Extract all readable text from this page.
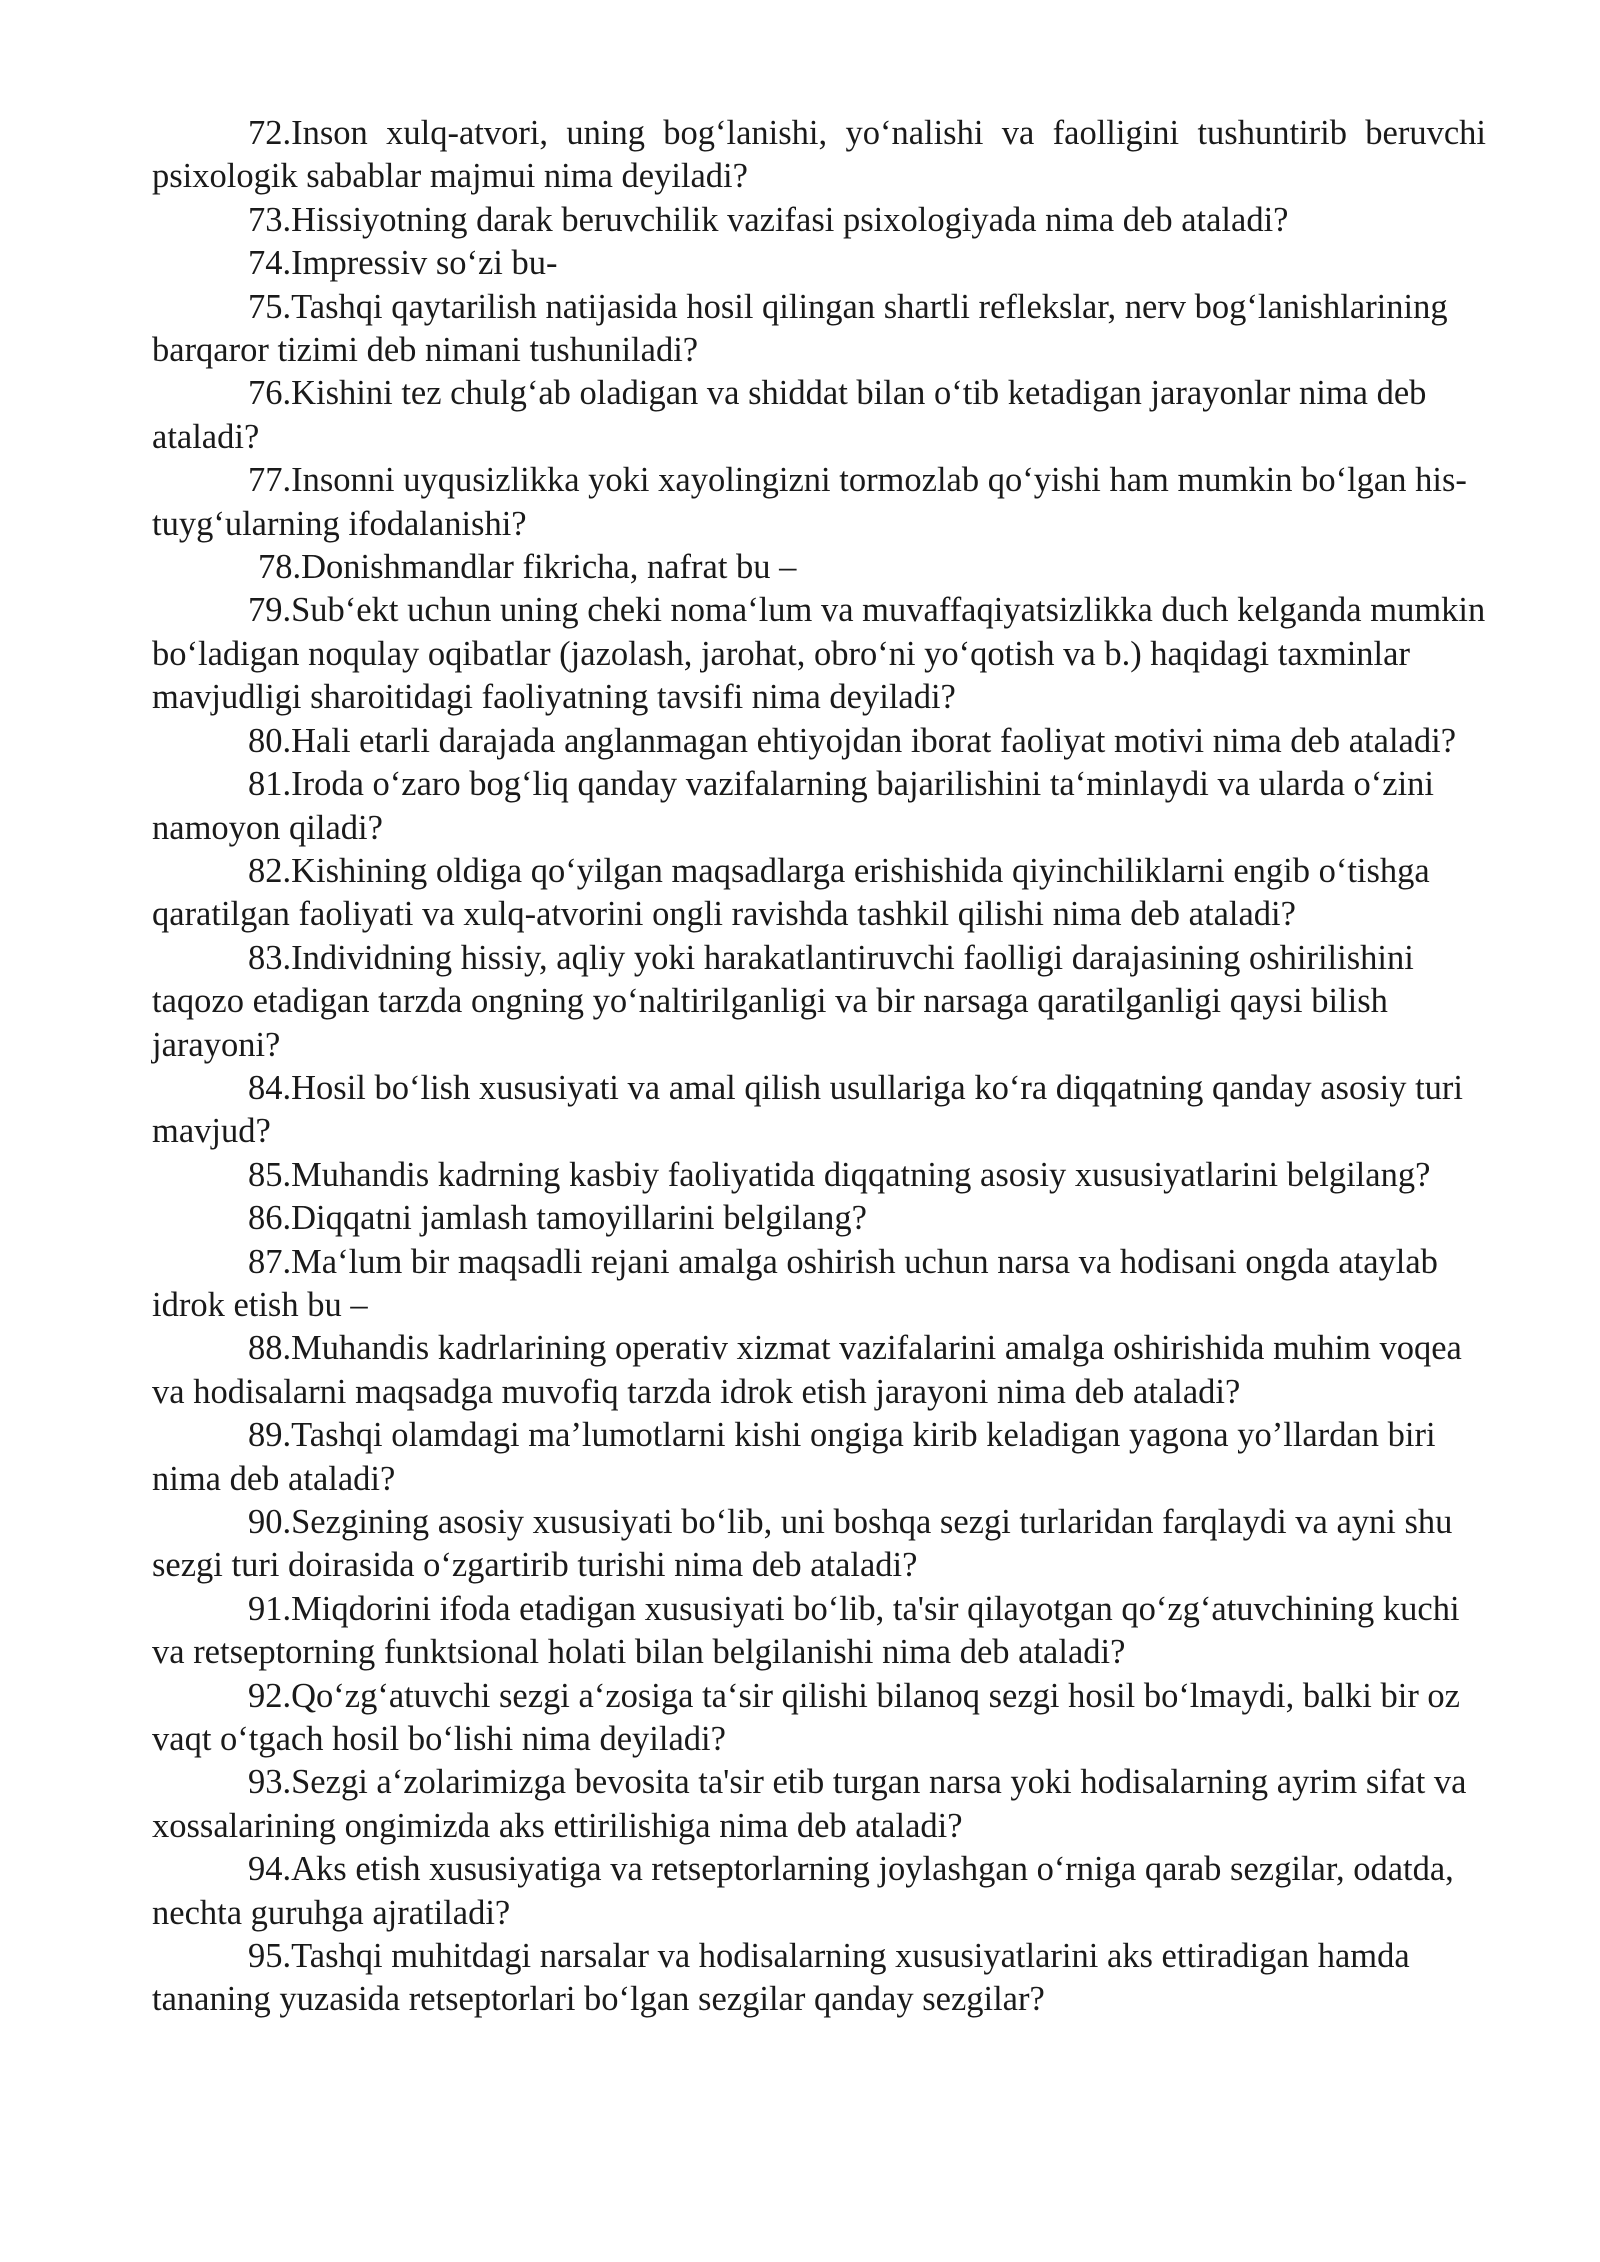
72.Inson xulq-atvori, uning bog‘lanishi, yo‘nalishi va faolligini tushuntirib beruvchi psixologik sabablar majmui nima deyiladi?

73.Hissiyotning darak beruvchilik vazifasi psixologiyada nima deb ataladi?

74.Impressiv so‘zi bu-

75.Tashqi qaytarilish natijasida hosil qilingan shartli reflekslar, nerv bog‘lanishlarining barqaror tizimi deb nimani tushuniladi?

76.Kishini tez chulg‘ab oladigan va shiddat bilan o‘tib ketadigan jarayonlar nima deb ataladi?

77.Insonni uyqusizlikka yoki xayolingizni tormozlab qo‘yishi ham mumkin bo‘lgan his-tuyg‘ularning ifodalanishi?

78.Donishmandlar fikricha, nafrat bu –

79.Sub‘ekt uchun uning cheki noma‘lum va muvaffaqiyatsizlikka duch kelganda mumkin bo‘ladigan noqulay oqibatlar (jazolash, jarohat, obro‘ni yo‘qotish va b.) haqidagi taxminlar mavjudligi sharoitidagi faoliyatning tavsifi nima deyiladi?

80.Hali etarli darajada anglanmagan ehtiyojdan iborat faoliyat motivi nima deb ataladi?

81.Iroda o‘zaro bog‘liq qanday vazifalarning bajarilishini ta‘minlaydi va ularda o‘zini namoyon qiladi?

82.Kishining oldiga qo‘yilgan maqsadlarga erishishida qiyinchiliklarni engib o‘tishga qaratilgan faoliyati va xulq-atvorini ongli ravishda tashkil qilishi nima deb ataladi?

83.Individning hissiy, aqliy yoki harakatlantiruvchi faolligi darajasining oshirilishini taqozo etadigan tarzda ongning yo‘naltirilganligi va bir narsaga qaratilganligi qaysi bilish jarayoni?

84.Hosil bo‘lish xususiyati va amal qilish usullariga ko‘ra diqqatning qanday asosiy turi mavjud?

85.Muhandis kadrning kasbiy faoliyatida diqqatning asosiy xususiyatlarini belgilang?

86.Diqqatni jamlash tamoyillarini belgilang?

87.Ma‘lum bir maqsadli rejani amalga oshirish uchun narsa va hodisani ongda ataylab idrok etish bu –

88.Muhandis kadrlarining operativ xizmat vazifalarini amalga oshirishida muhim voqea va hodisalarni maqsadga muvofiq tarzda idrok etish jarayoni nima deb ataladi?

89.Tashqi olamdagi ma’lumotlarni kishi ongiga kirib keladigan yagona yo’llardan biri nima deb ataladi?

90.Sezgining asosiy xususiyati bo‘lib, uni boshqa sezgi turlaridan farqlaydi va ayni shu sezgi turi doirasida o‘zgartirib turishi nima deb ataladi?

91.Miqdorini ifoda etadigan xususiyati bo‘lib, ta'sir qilayotgan qo‘zg‘atuvchining kuchi va retseptorning funktsional holati bilan belgilanishi nima deb ataladi?

92.Qo‘zg‘atuvchi sezgi a‘zosiga ta‘sir qilishi bilanoq sezgi hosil bo‘lmaydi, balki bir oz vaqt o‘tgach hosil bo‘lishi nima deyiladi?

93.Sezgi a‘zolarimizga bevosita ta'sir etib turgan narsa yoki hodisalarning ayrim sifat va xossalarining ongimizda aks ettirilishiga nima deb ataladi?

94.Aks etish xususiyatiga va retseptorlarning joylashgan o‘rniga qarab sezgilar, odatda, nechta guruhga ajratiladi?

95.Tashqi muhitdagi narsalar va hodisalarning xususiyatlarini aks ettiradigan hamda tananing yuzasida retseptorlari bo‘lgan sezgilar qanday sezgilar?
